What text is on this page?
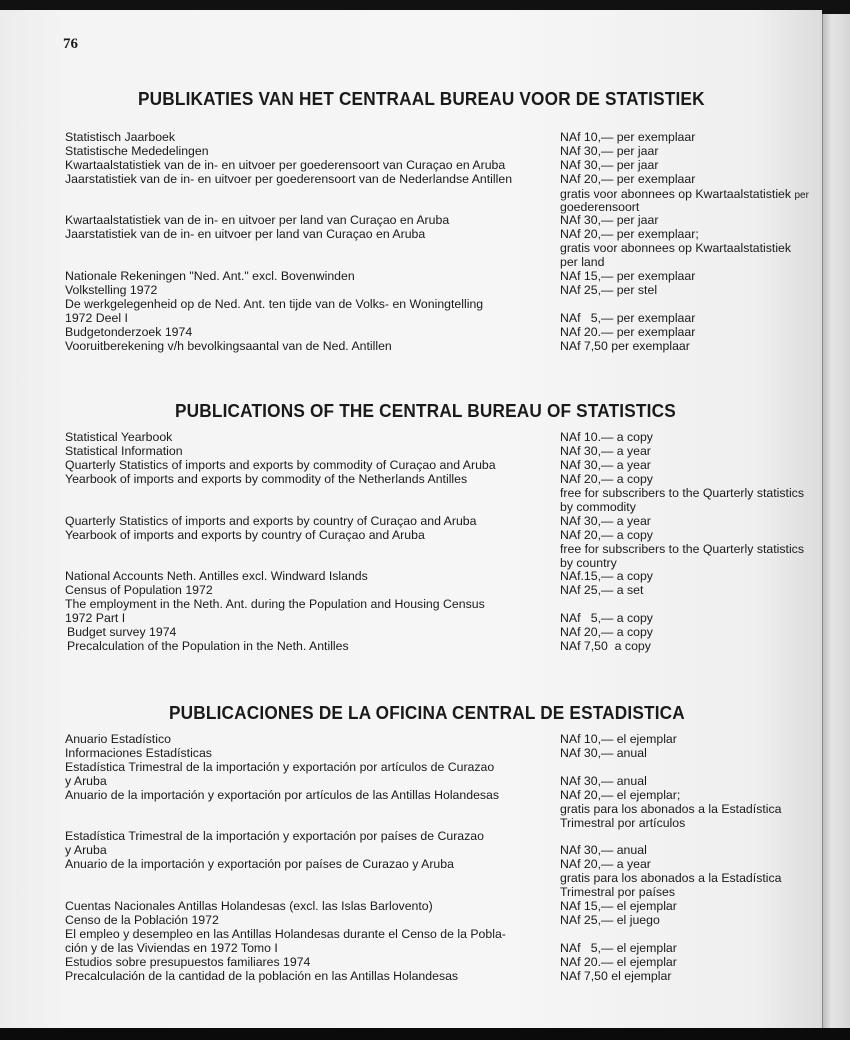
76
PUBLIKATIES VAN HET CENTRAAL BUREAU VOOR DE STATISTIEK
Statistisch Jaarboek
Statistische Mededelingen
Kwartaalstatistiek van de in- en uitvoer per goederensoort van Curaçao en Aruba
Jaarstatistiek van de in- en uitvoer per goederensoort van de Nederlandse Antillen
Kwartaalstatistiek van de in- en uitvoer per land van Curaçao en Aruba
Jaarstatistiek van de in- en uitvoer per land van Curaçao en Aruba
Nationale Rekeningen "Ned. Ant." excl. Bovenwinden
Volkstelling 1972
De werkgelegenheid op de Ned. Ant. ten tijde van de Volks- en Woningtelling
1972 Deel I
Budgetonderzoek 1974
Vooruitberekening v/h bevolkingsaantal van de Ned. Antillen
NAf 10,— per exemplaar
NAf 30,— per jaar
NAf 30,— per jaar
NAf 20,— per exemplaar
gratis voor abonnees op Kwartaalstatistiek per
goederensoort
NAf 30,— per jaar
NAf 20,— per exemplaar;
gratis voor abonnees op Kwartaalstatistiek
per land
NAf 15,— per exemplaar
NAf 25,— per stel
NAf   5,— per exemplaar
NAf 20.— per exemplaar
NAf 7,50 per exemplaar
PUBLICATIONS OF THE CENTRAL BUREAU OF STATISTICS
Statistical Yearbook
Statistical Information
Quarterly Statistics of imports and exports by commodity of Curaçao and Aruba
Yearbook of imports and exports by commodity of the Netherlands Antilles
Quarterly Statistics of imports and exports by country of Curaçao and Aruba
Yearbook of imports and exports by country of Curaçao and Aruba
National Accounts Neth. Antilles excl. Windward Islands
Census of Population 1972
The employment in the Neth. Ant. during the Population and Housing Census
1972 Part I
Budget survey 1974
Precalculation of the Population in the Neth. Antilles
NAf 10.— a copy
NAf 30,— a year
NAf 30,— a year
NAf 20,— a copy
free for subscribers to the Quarterly statistics
by commodity
NAf 30,— a year
NAf 20,— a copy
free for subscribers to the Quarterly statistics
by country
NAf.15,— a copy
NAf 25,— a set
NAf   5,— a copy
NAf 20,— a copy
NAf 7,50  a copy
PUBLICACIONES DE LA OFICINA CENTRAL DE ESTADISTICA
Anuario Estadístico
Informaciones Estadísticas
Estadística Trimestral de la importación y exportación por artículos de Curazao
y Aruba
Anuario de la importación y exportación por artículos de las Antillas Holandesas
Estadística Trimestral de la importación y exportación por países de Curazao
y Aruba
Anuario de la importación y exportación por países de Curazao y Aruba
Cuentas Nacionales Antillas Holandesas (excl. las Islas Barlovento)
Censo de la Población 1972
El empleo y desempleo en las Antillas Holandesas durante el Censo de la Pobla-
ción y de las Viviendas en 1972 Tomo I
Estudios sobre presupuestos familiares 1974
Precalculación de la cantidad de la población en las Antillas Holandesas
NAf 10,— el ejemplar
NAf 30,— anual
NAf 30,— anual
NAf 20,— el ejemplar;
gratis para los abonados a la Estadística
Trimestral por artículos
NAf 30,— anual
NAf 20,— a year
gratis para los abonados a la Estadística
Trimestral por países
NAf 15,— el ejemplar
NAf 25,— el juego
NAf   5,— el ejemplar
NAf 20.— el ejemplar
NAf 7,50 el ejemplar
